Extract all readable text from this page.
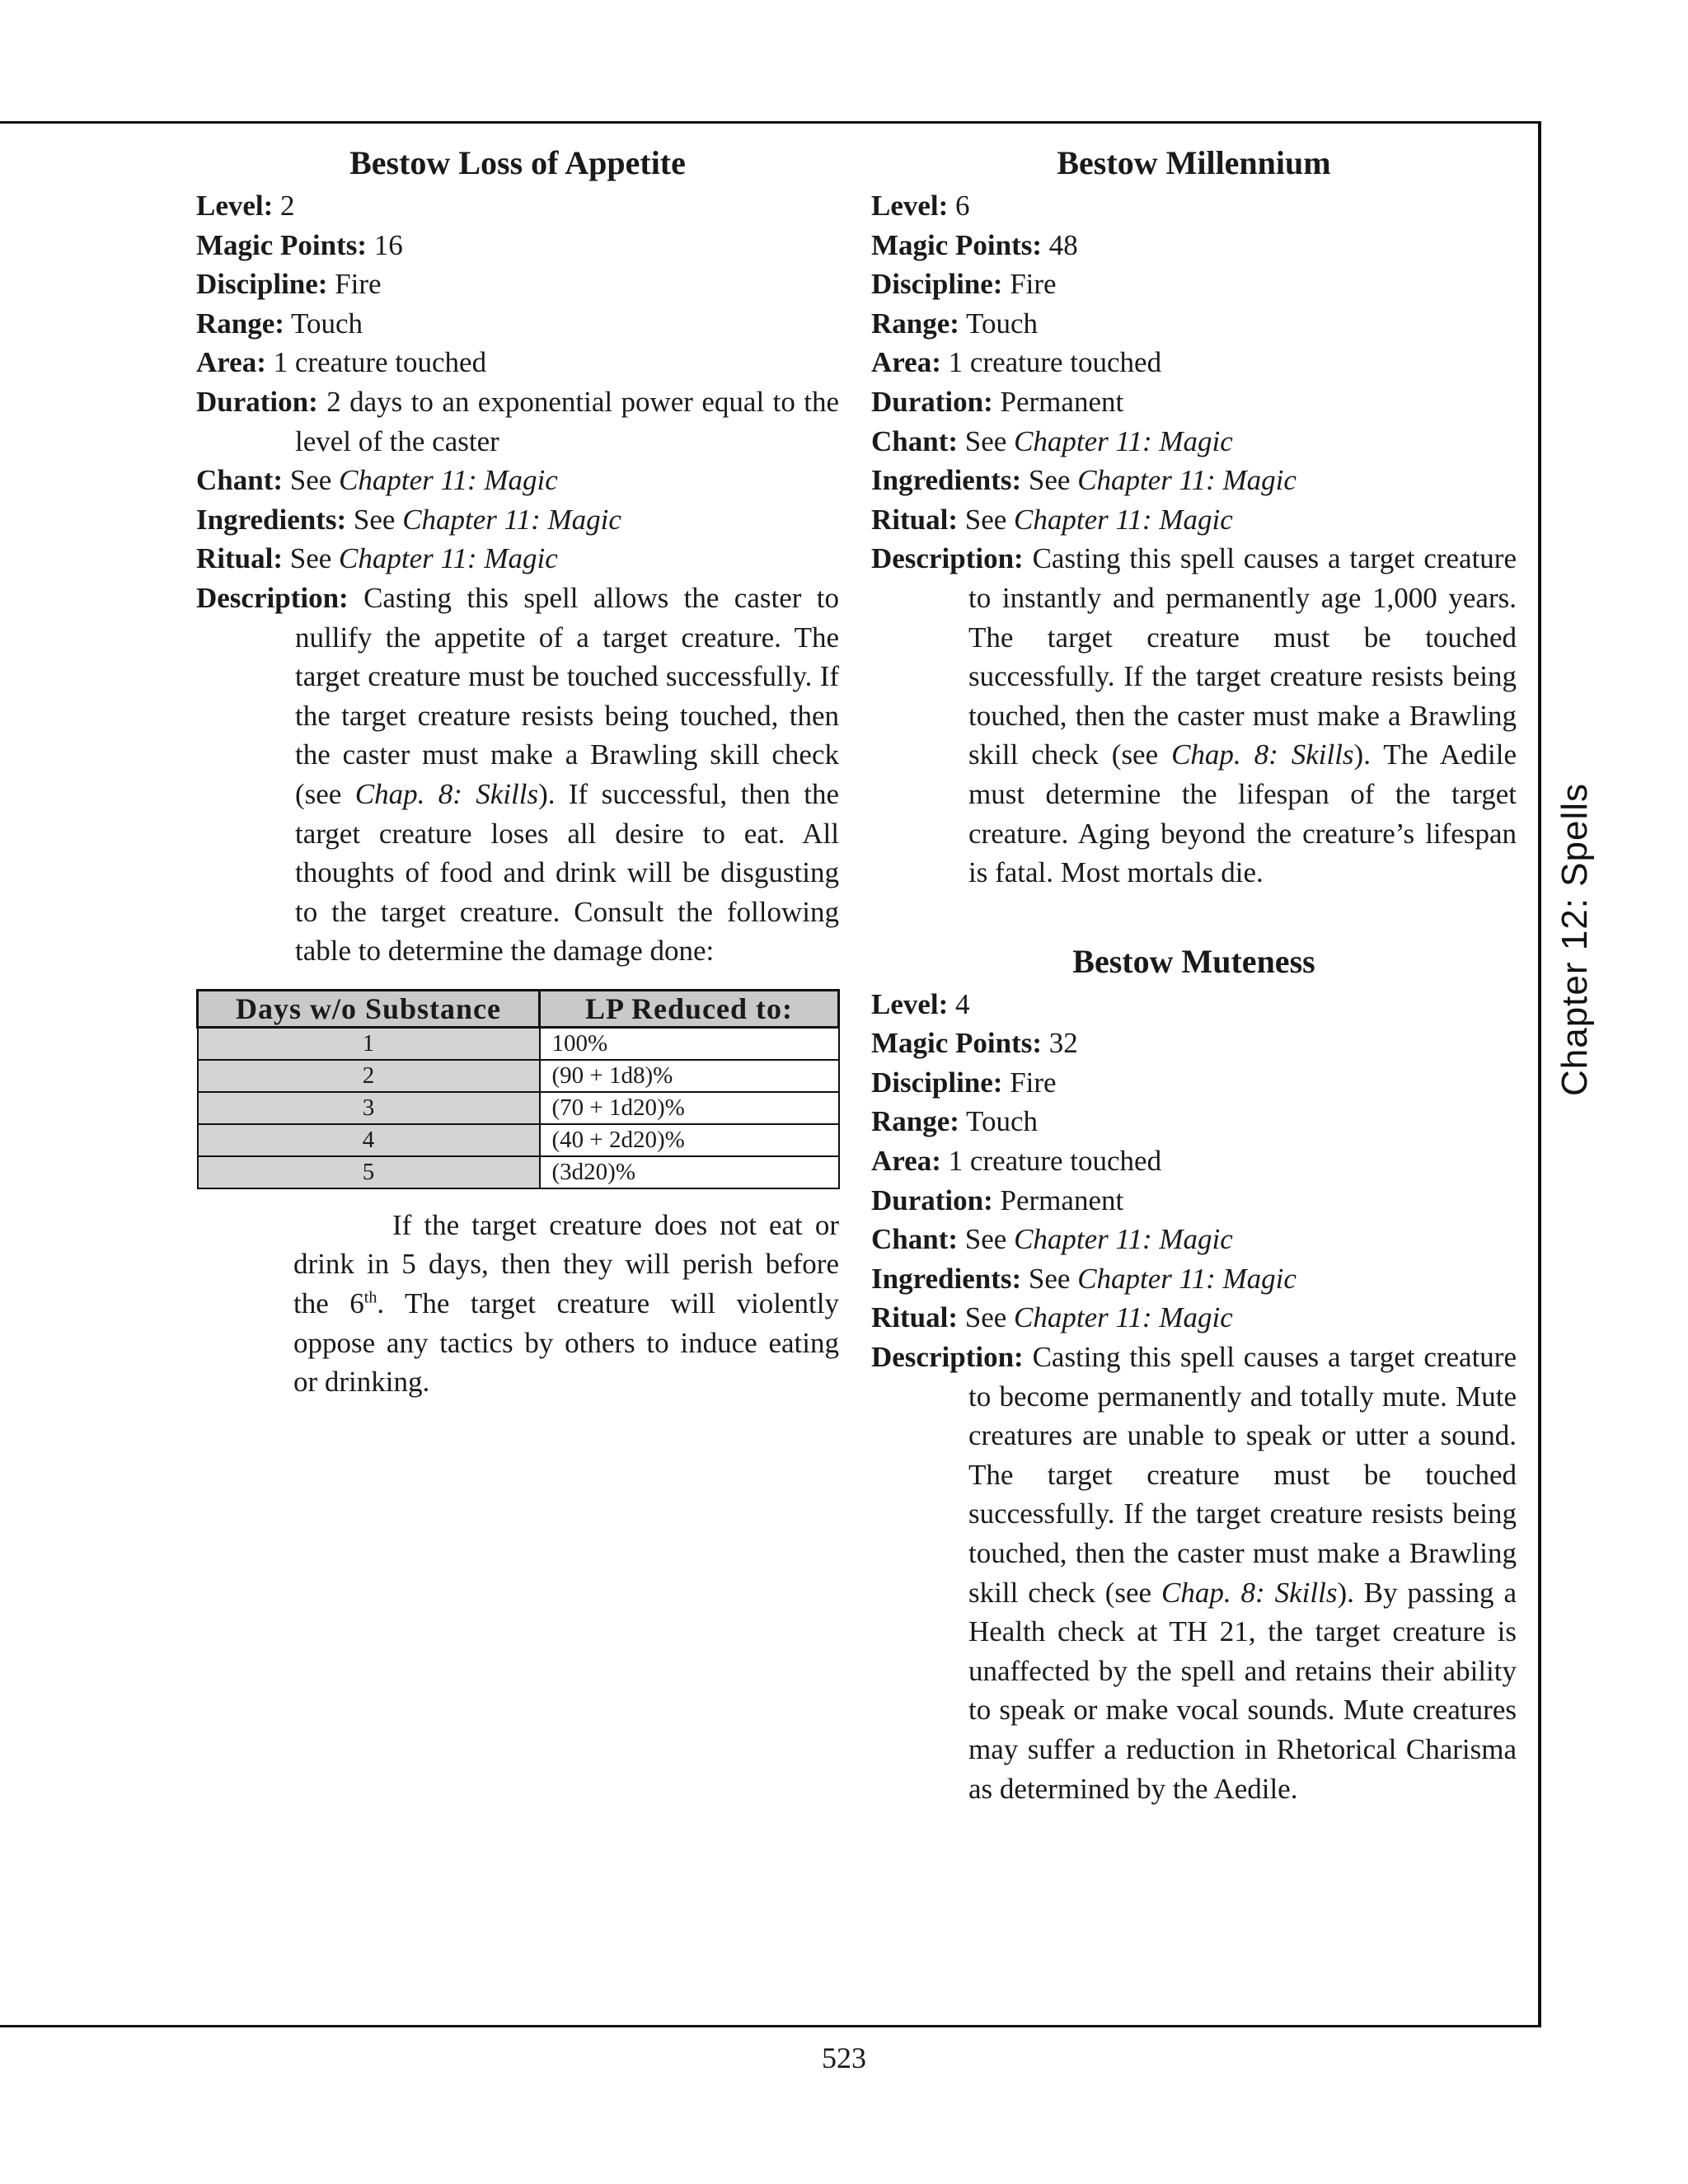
Chapter 12: Spells
Bestow Loss of Appetite
Level: 2
Magic Points: 16
Discipline: Fire
Range: Touch
Area: 1 creature touched
Duration: 2 days to an exponential power equal to the level of the caster
Chant: See Chapter 11: Magic
Ingredients: See Chapter 11: Magic
Ritual: See Chapter 11: Magic
Description: Casting this spell allows the caster to nullify the appetite of a target creature. The target creature must be touched successfully. If the target creature resists being touched, then the caster must make a Brawling skill check (see Chap. 8: Skills). If successful, then the target creature loses all desire to eat. All thoughts of food and drink will be disgusting to the target creature. Consult the following table to determine the damage done:
Days w/o Substance	LP Reduced to:
1	100%
2	(90 + 1d8)%
3	(70 + 1d20)%
4	(40 + 2d20)%
5	(3d20)%
If the target creature does not eat or drink in 5 days, then they will perish before the 6th. The target creature will violently oppose any tactics by others to induce eating or drinking.
Bestow Millennium
Level: 6
Magic Points: 48
Discipline: Fire
Range: Touch
Area: 1 creature touched
Duration: Permanent
Chant: See Chapter 11: Magic
Ingredients: See Chapter 11: Magic
Ritual: See Chapter 11: Magic
Description: Casting this spell causes a target creature to instantly and permanently age 1,000 years. The target creature must be touched successfully. If the target creature resists being touched, then the caster must make a Brawling skill check (see Chap. 8: Skills). The Aedile must determine the lifespan of the target creature. Aging beyond the creature’s lifespan is fatal. Most mortals die.
Bestow Muteness
Level: 4
Magic Points: 32
Discipline: Fire
Range: Touch
Area: 1 creature touched
Duration: Permanent
Chant: See Chapter 11: Magic
Ingredients: See Chapter 11: Magic
Ritual: See Chapter 11: Magic
Description: Casting this spell causes a target creature to become permanently and totally mute. Mute creatures are unable to speak or utter a sound. The target creature must be touched successfully. If the target creature resists being touched, then the caster must make a Brawling skill check (see Chap. 8: Skills). By passing a Health check at TH 21, the target creature is unaffected by the spell and retains their ability to speak or make vocal sounds. Mute creatures may suffer a reduction in Rhetorical Charisma as determined by the Aedile.
523
